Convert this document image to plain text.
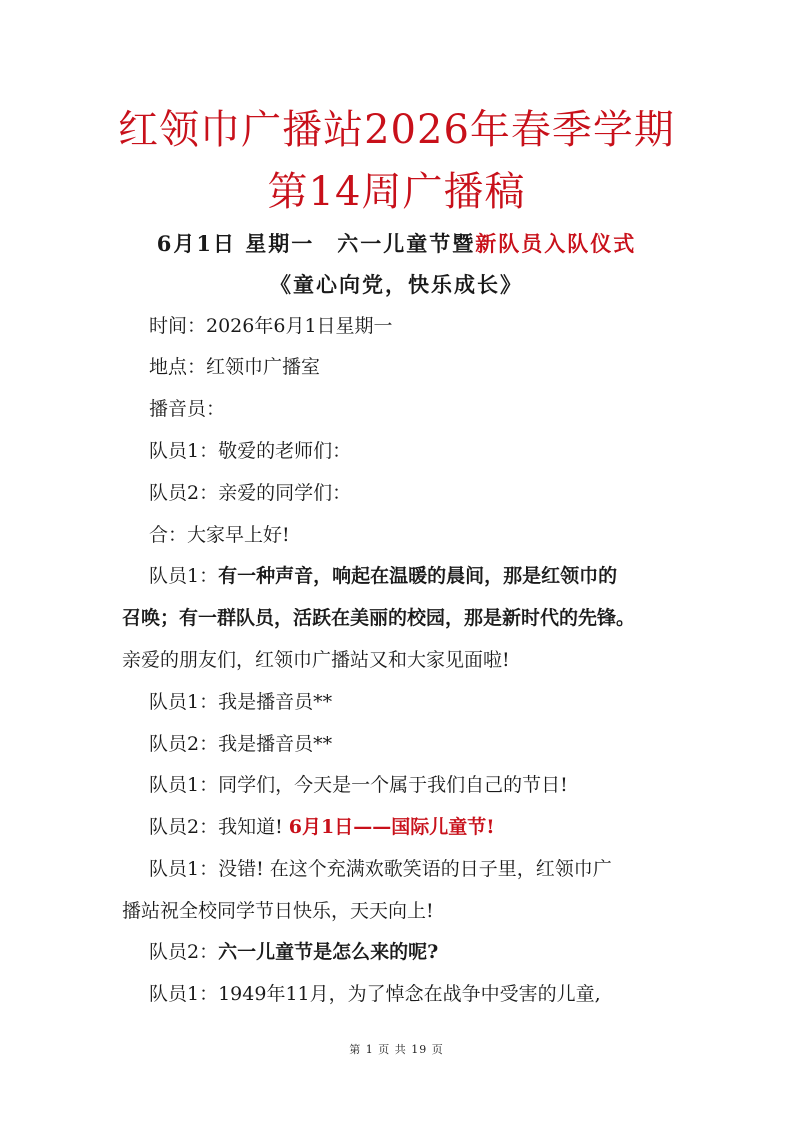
红领巾广播站2026年春季学期
第14周广播稿
6月1日 星期一　六一儿童节暨新队员入队仪式
《童心向党，快乐成长》
时间：2026年6月1日星期一
地点：红领巾广播室
播音员：
队员1：敬爱的老师们：
队员2：亲爱的同学们：
合：大家早上好!
队员1：有一种声音，响起在温暖的晨间，那是红领巾的
召唤；有一群队员，活跃在美丽的校园，那是新时代的先锋。
亲爱的朋友们，红领巾广播站又和大家见面啦!
队员1：我是播音员**
队员2：我是播音员**
队员1：同学们，今天是一个属于我们自己的节日!
队员2：我知道! 6月1日——国际儿童节!
队员1：没错! 在这个充满欢歌笑语的日子里，红领巾广
播站祝全校同学节日快乐，天天向上!
队员2：六一儿童节是怎么来的呢?
队员1：1949年11月，为了悼念在战争中受害的儿童,
第 1 页 共 19 页
